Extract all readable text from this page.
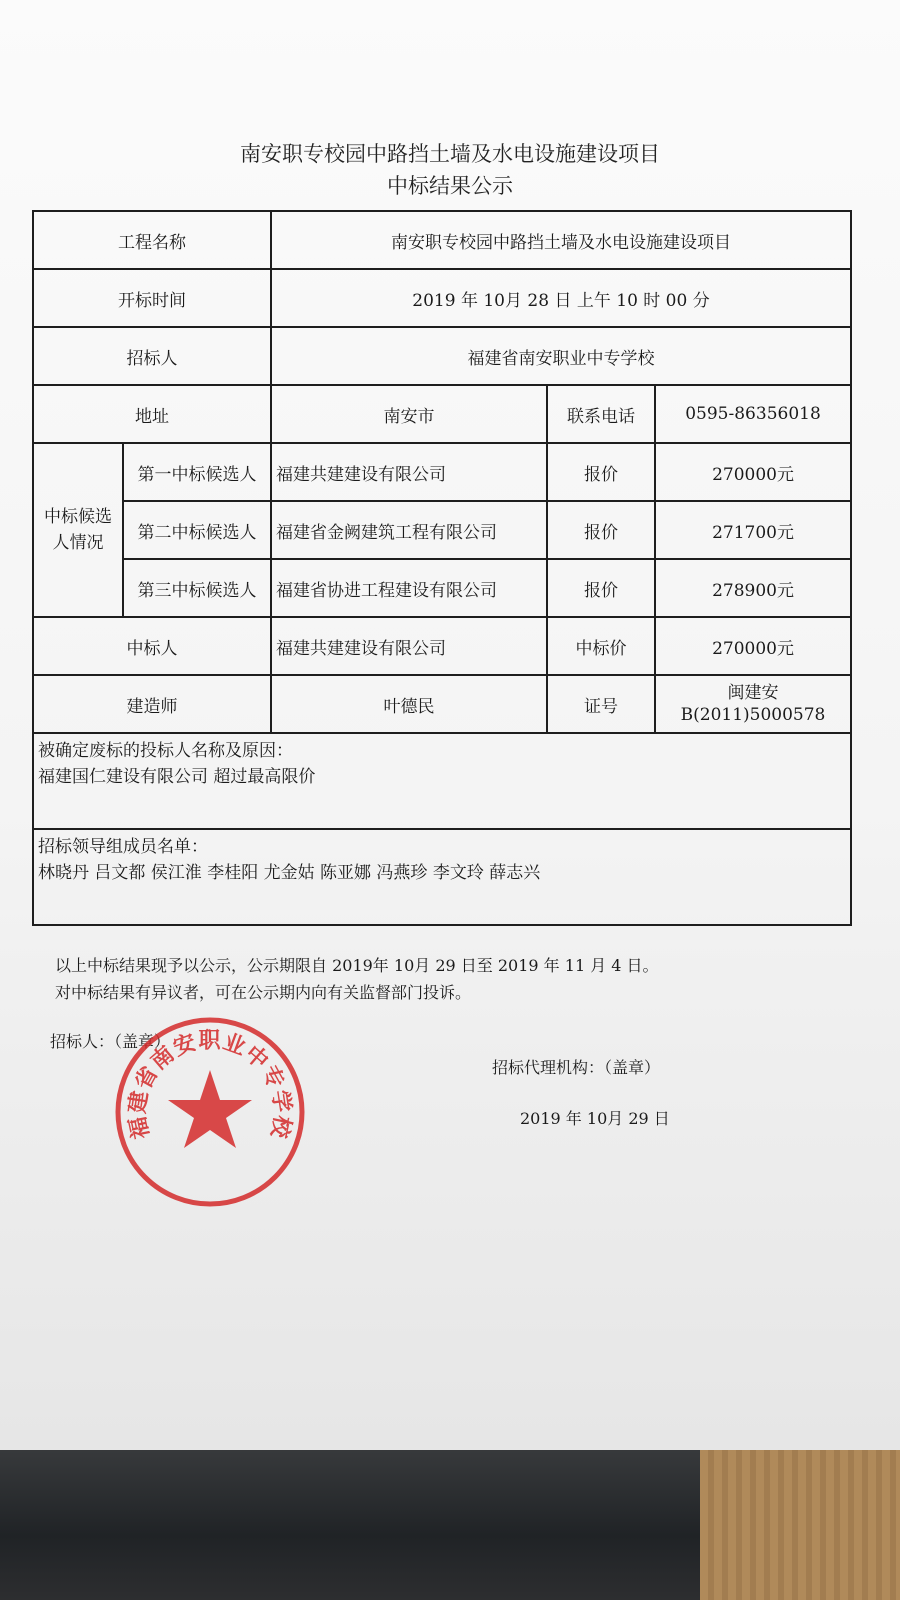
南安职专校园中路挡土墙及水电设施建设项目
中标结果公示
工程名称		南安职专校园中路挡土墙及水电设施建设项目		
开标时间		2019 年 10月 28 日 上午 10 时 00 分		
招标人		福建省南安职业中专学校		
地址		南安市	联系电话	0595-86356018
中标候选人情况	第一中标候选人	福建共建建设有限公司	报价	270000元
	第二中标候选人	福建省金阙建筑工程有限公司	报价	271700元
	第三中标候选人	福建省协进工程建设有限公司	报价	278900元
中标人		福建共建建设有限公司	中标价	270000元
建造师		叶德民	证号	闽建安
B(2011)5000578

被确定废标的投标人名称及原因：
福建国仁建设有限公司 超过最高限价				

招标领导组成员名单：
林晓丹 吕文都 侯江淮 李桂阳 尤金姑 陈亚娜 冯燕珍 李文玲 薛志兴				
以上中标结果现予以公示，公示期限自 2019年 10月 29 日至 2019 年 11 月 4 日。
对中标结果有异议者，可在公示期内向有关监督部门投诉。
招标人：（盖章）
招标代理机构：（盖章）
2019 年 10月 29 日
福建省南安职业中专学校
